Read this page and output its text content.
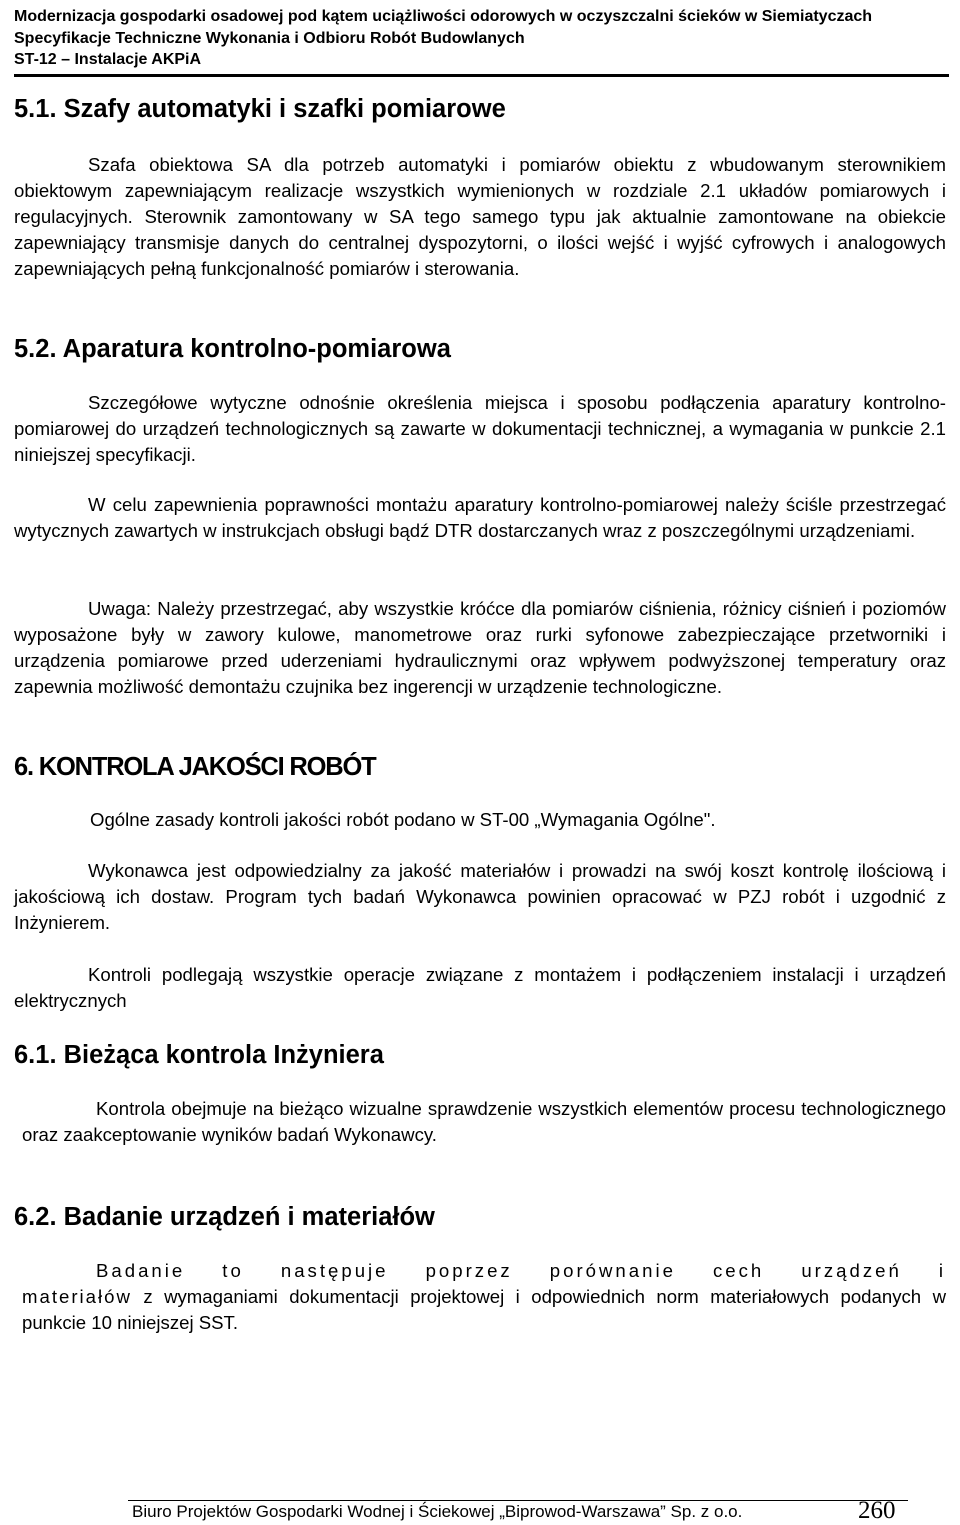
Modernizacja gospodarki osadowej pod kątem uciążliwości odorowych w oczyszczalni ścieków w Siemiatyczach
Specyfikacje Techniczne Wykonania i Odbioru Robót Budowlanych
ST-12 – Instalacje AKPiA
5.1. Szafy automatyki i szafki pomiarowe
Szafa obiektowa SA dla potrzeb automatyki i pomiarów obiektu z wbudowanym sterownikiem obiektowym zapewniającym realizacje wszystkich wymienionych w rozdziale 2.1 układów pomiarowych i regulacyjnych. Sterownik zamontowany w SA tego samego typu jak aktualnie zamontowane na obiekcie zapewniający transmisje danych do centralnej dyspozytorni, o ilości wejść i wyjść cyfrowych i analogowych zapewniających pełną funkcjonalność pomiarów i sterowania.
5.2. Aparatura kontrolno-pomiarowa
Szczegółowe wytyczne odnośnie określenia miejsca i sposobu podłączenia aparatury kontrolno-pomiarowej do urządzeń technologicznych są zawarte w dokumentacji technicznej, a wymagania w punkcie 2.1 niniejszej specyfikacji.
W celu zapewnienia poprawności montażu aparatury kontrolno-pomiarowej należy ściśle przestrzegać wytycznych zawartych w instrukcjach obsługi bądź DTR dostarczanych wraz z poszczególnymi urządzeniami.
Uwaga: Należy przestrzegać, aby wszystkie króćce dla pomiarów ciśnienia, różnicy ciśnień i poziomów wyposażone były w zawory kulowe, manometrowe oraz rurki syfonowe zabezpieczające przetworniki i urządzenia pomiarowe przed uderzeniami hydraulicznymi oraz wpływem podwyższonej temperatury oraz zapewnia możliwość demontażu czujnika bez ingerencji w urządzenie technologiczne.
6. KONTROLA JAKOŚCI ROBÓT
Ogólne zasady kontroli jakości robót podano w ST-00 „Wymagania Ogólne".
Wykonawca jest odpowiedzialny za jakość materiałów i prowadzi na swój koszt kontrolę ilościową i jakościową ich dostaw. Program tych badań Wykonawca powinien opracować w PZJ robót i uzgodnić z Inżynierem.
Kontroli podlegają wszystkie operacje związane z montażem i podłączeniem instalacji i urządzeń elektrycznych
6.1. Bieżąca kontrola Inżyniera
Kontrola obejmuje na bieżąco wizualne sprawdzenie wszystkich elementów procesu technologicznego oraz zaakceptowanie wyników badań Wykonawcy.
6.2. Badanie urządzeń i materiałów
Badanie to następuje poprzez porównanie cech urządzeń i
materiałów z wymaganiami dokumentacji projektowej i odpowiednich norm materiałowych podanych w punkcie 10 niniejszej SST.
Biuro Projektów Gospodarki Wodnej i Ściekowej „Biprowod-Warszawa” Sp. z o.o.	260
